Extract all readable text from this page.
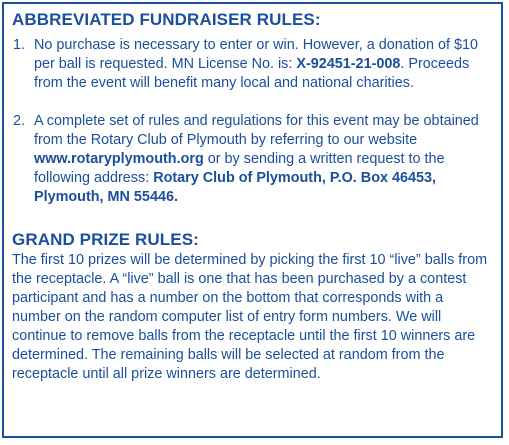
ABBREVIATED FUNDRAISER RULES:
1. No purchase is necessary to enter or win. However, a donation of $10 per ball is requested. MN License No. is: X-92451-21-008. Proceeds from the event will benefit many local and national charities.
2. A complete set of rules and regulations for this event may be obtained from the Rotary Club of Plymouth by referring to our website www.rotaryplymouth.org or by sending a written request to the following address: Rotary Club of Plymouth, P.O. Box 46453, Plymouth, MN 55446.
GRAND PRIZE RULES:

The first 10 prizes will be determined by picking the first 10 “live” balls from the receptacle. A “live” ball is one that has been purchased by a contest participant and has a number on the bottom that corresponds with a number on the random computer list of entry form numbers. We will continue to remove balls from the receptacle until the first 10 winners are determined. The remaining balls will be selected at random from the receptacle until all prize winners are determined.
